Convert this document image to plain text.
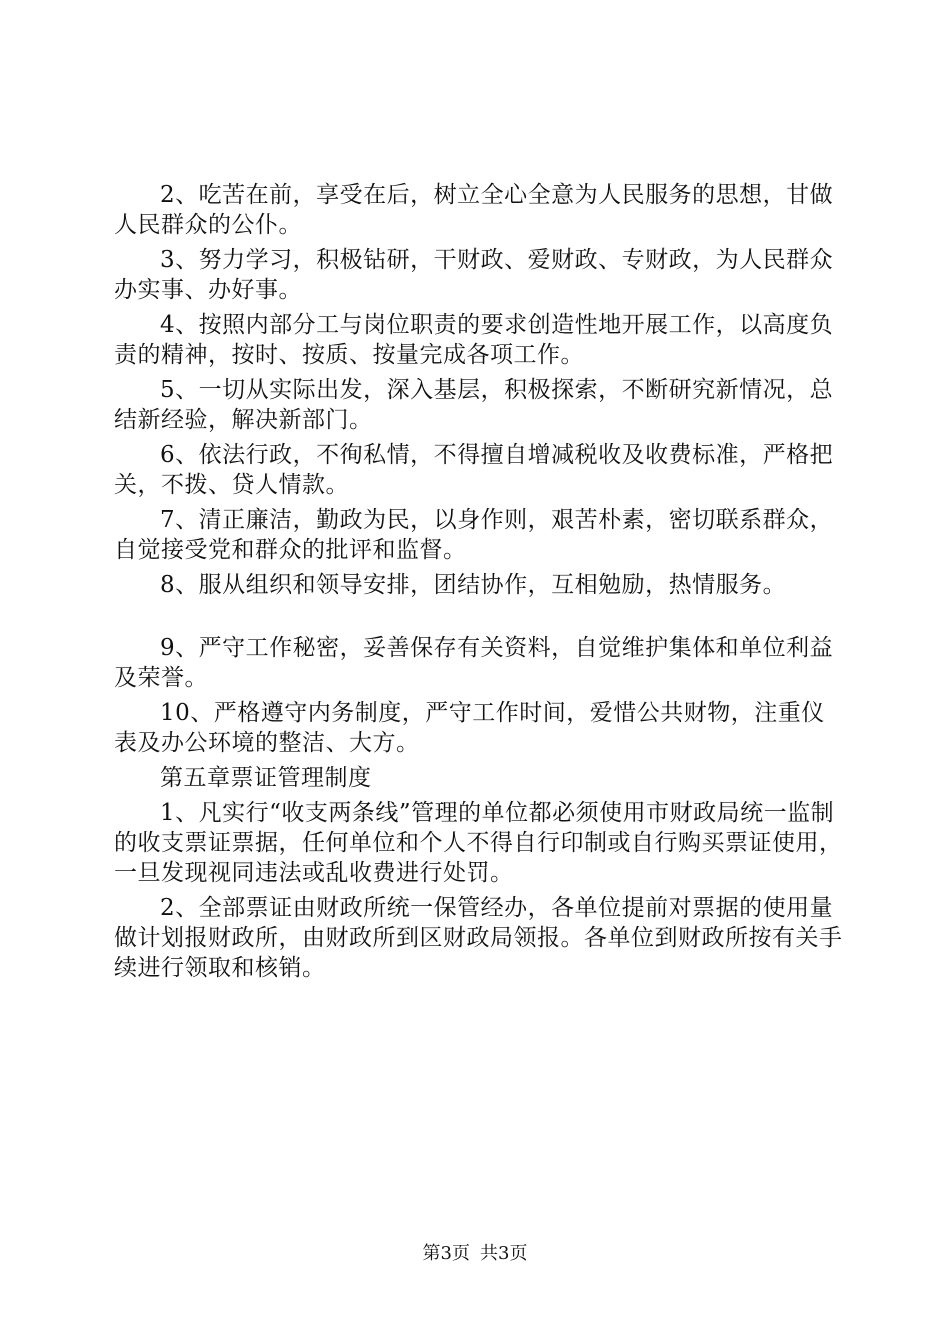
2、吃苦在前，享受在后，树立全心全意为人民服务的思想，甘做人民群众的公仆。

3、努力学习，积极钻研，干财政、爱财政、专财政，为人民群众办实事、办好事。

4、按照内部分工与岗位职责的要求创造性地开展工作，以高度负责的精神，按时、按质、按量完成各项工作。

5、一切从实际出发，深入基层，积极探索，不断研究新情况，总结新经验，解决新部门。

6、依法行政，不徇私情，不得擅自增减税收及收费标准，严格把关，不拨、贷人情款。

7、清正廉洁，勤政为民，以身作则，艰苦朴素，密切联系群众，自觉接受党和群众的批评和监督。

8、服从组织和领导安排，团结协作，互相勉励，热情服务。

9、严守工作秘密，妥善保存有关资料，自觉维护集体和单位利益及荣誉。

10、严格遵守内务制度，严守工作时间，爱惜公共财物，注重仪表及办公环境的整洁、大方。

第五章票证管理制度

1、凡实行“收支两条线”管理的单位都必须使用市财政局统一监制的收支票证票据，任何单位和个人不得自行印制或自行购买票证使用，一旦发现视同违法或乱收费进行处罚。

2、全部票证由财政所统一保管经办，各单位提前对票据的使用量做计划报财政所，由财政所到区财政局领报。各单位到财政所按有关手续进行领取和核销。

第3页 共3页
